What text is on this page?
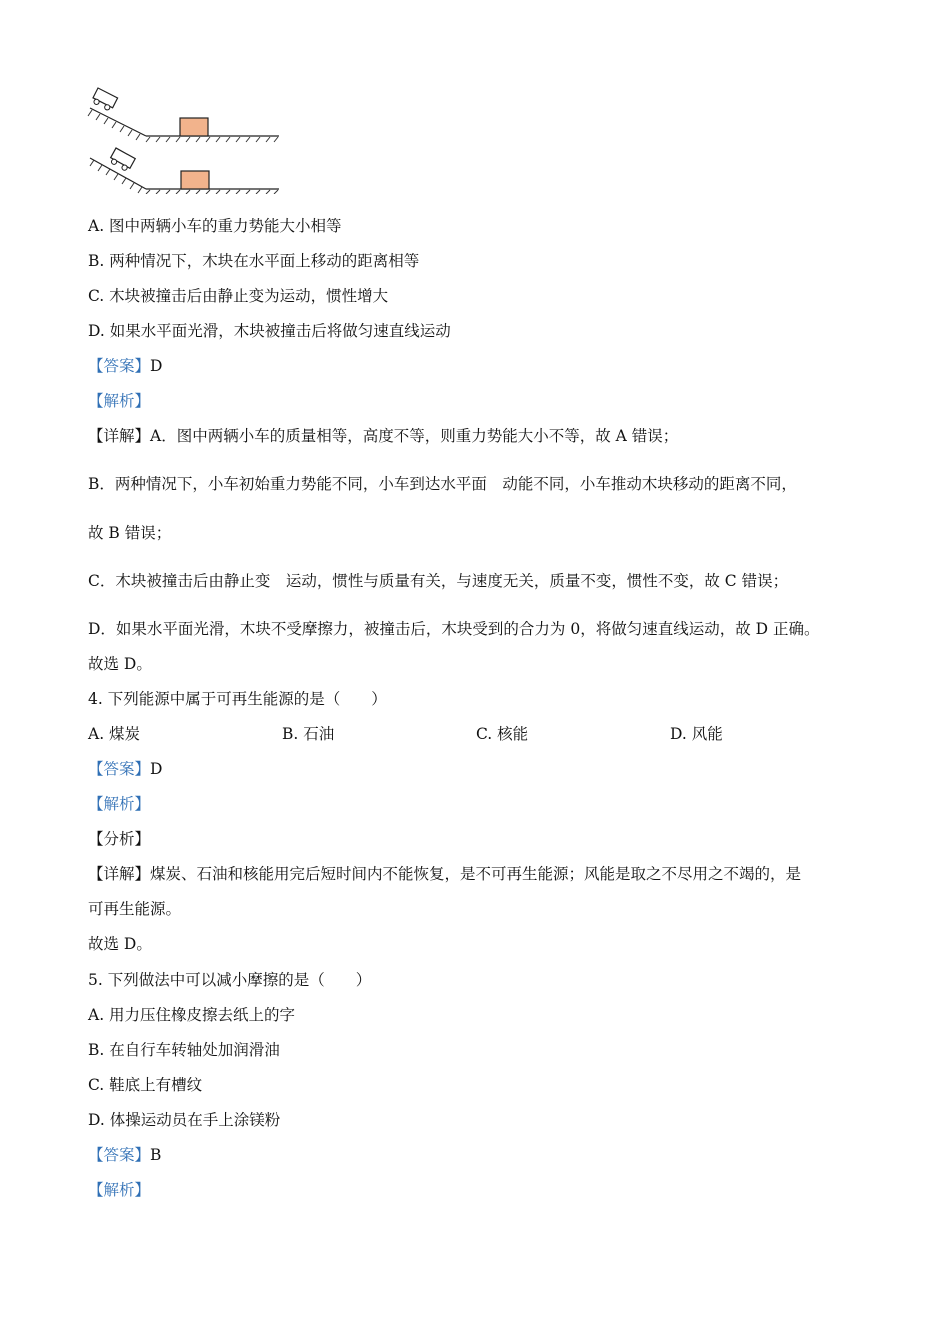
A. 图中两辆小车的重力势能大小相等
B. 两种情况下，木块在水平面上移动的距离相等
C. 木块被撞击后由静止变为运动，惯性增大
D. 如果水平面光滑，木块被撞击后将做匀速直线运动
【答案】D
【解析】
【详解】A．图中两辆小车的质量相等，高度不等，则重力势能大小不等，故 A 错误；
B．两种情况下，小车初始重力势能不同，小车到达水平面　动能不同，小车推动木块移动的距离不同，
故 B 错误；
C．木块被撞击后由静止变　运动，惯性与质量有关，与速度无关，质量不变，惯性不变，故 C 错误；
D．如果水平面光滑，木块不受摩擦力，被撞击后，木块受到的合力为 0，将做匀速直线运动，故 D 正确。
故选 D。
4. 下列能源中属于可再生能源的是（　　）
A. 煤炭	B. 石油	C. 核能	D. 风能
【答案】D
【解析】
【分析】
【详解】煤炭、石油和核能用完后短时间内不能恢复，是不可再生能源；风能是取之不尽用之不竭的，是
可再生能源。
故选 D。
5. 下列做法中可以减小摩擦的是（　　）
A. 用力压住橡皮擦去纸上的字
B. 在自行车转轴处加润滑油
C. 鞋底上有槽纹
D. 体操运动员在手上涂镁粉
【答案】B
【解析】
